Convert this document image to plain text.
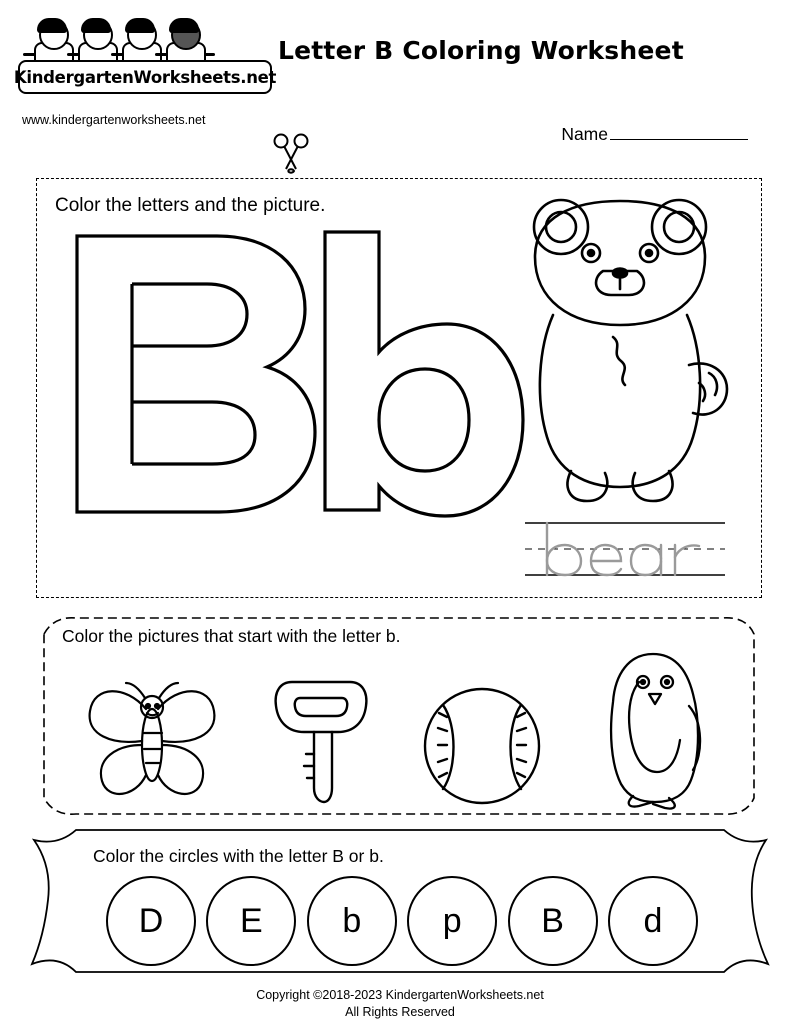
KindergartenWorksheets.net
www.kindergartenworksheets.net
Letter B Coloring Worksheet
Name
Color the letters and the picture.
Color the pictures that start with the letter b.
Color the circles with the letter B or b.
D	E	b	p	B	d
Copyright ©2018-2023 KindergartenWorksheets.net
All Rights Reserved
